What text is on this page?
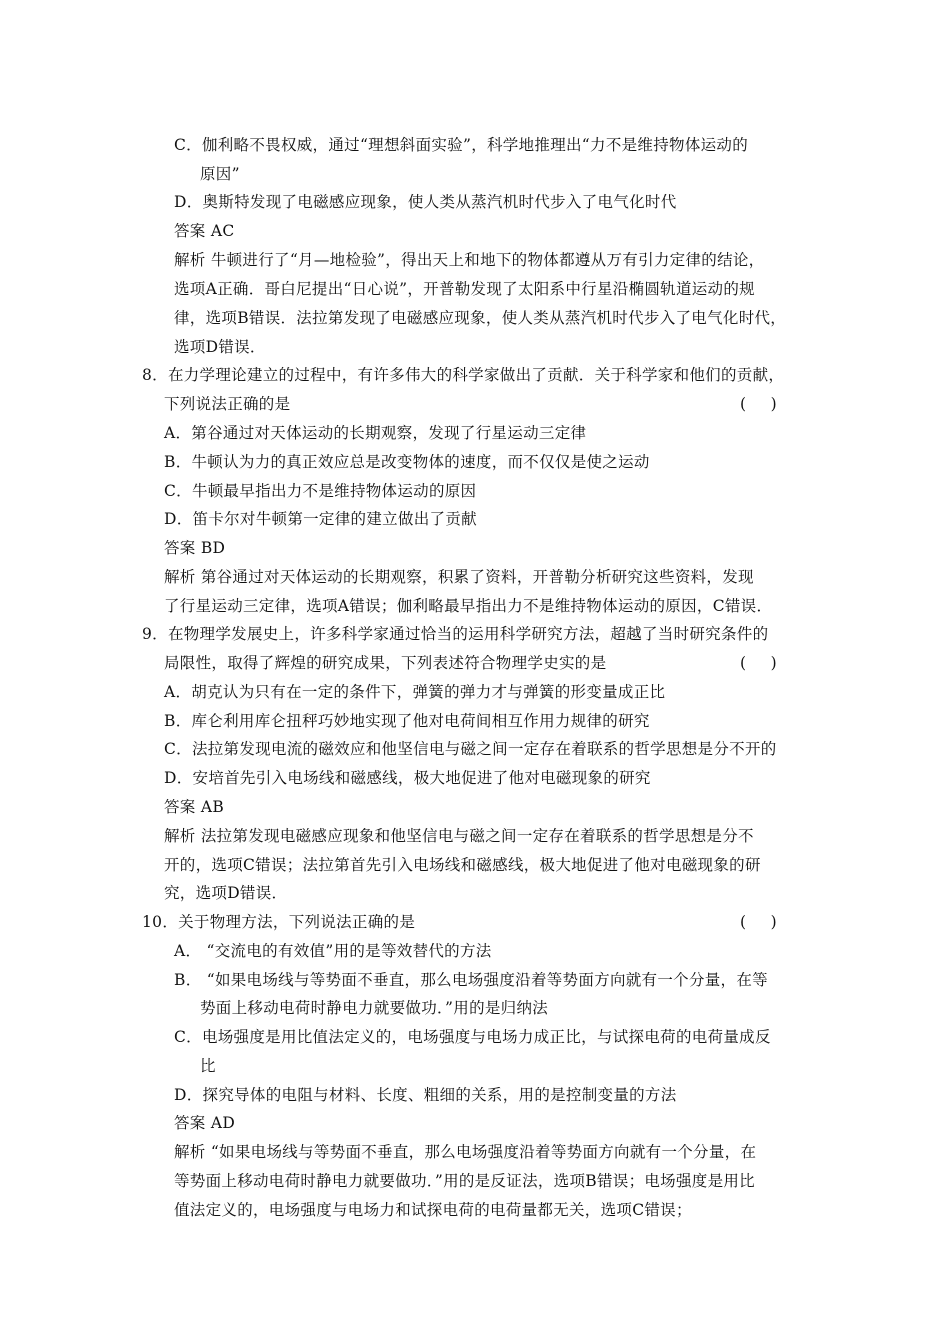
C．伽利略不畏权威，通过“理想斜面实验”，科学地推理出“力不是维持物体运动的
原因”
D．奥斯特发现了电磁感应现象，使人类从蒸汽机时代步入了电气化时代
答案 AC
解析 牛顿进行了“月—地检验”，得出天上和地下的物体都遵从万有引力定律的结论，
选项A正确．哥白尼提出“日心说”，开普勒发现了太阳系中行星沿椭圆轨道运动的规
律，选项B错误．法拉第发现了电磁感应现象，使人类从蒸汽机时代步入了电气化时代，
选项D错误．
8．在力学理论建立的过程中，有许多伟大的科学家做出了贡献．关于科学家和他们的贡献，
下列说法正确的是	(     )
A．第谷通过对天体运动的长期观察，发现了行星运动三定律
B．牛顿认为力的真正效应总是改变物体的速度，而不仅仅是使之运动
C．牛顿最早指出力不是维持物体运动的原因
D．笛卡尔对牛顿第一定律的建立做出了贡献
答案 BD
解析 第谷通过对天体运动的长期观察，积累了资料，开普勒分析研究这些资料，发现
了行星运动三定律，选项A错误；伽利略最早指出力不是维持物体运动的原因，C错误．
9．在物理学发展史上，许多科学家通过恰当的运用科学研究方法，超越了当时研究条件的
局限性，取得了辉煌的研究成果，下列表述符合物理学史实的是	(     )
A．胡克认为只有在一定的条件下，弹簧的弹力才与弹簧的形变量成正比
B．库仑利用库仑扭秤巧妙地实现了他对电荷间相互作用力规律的研究
C．法拉第发现电流的磁效应和他坚信电与磁之间一定存在着联系的哲学思想是分不开的
D．安培首先引入电场线和磁感线，极大地促进了他对电磁现象的研究
答案 AB
解析 法拉第发现电磁感应现象和他坚信电与磁之间一定存在着联系的哲学思想是分不
开的，选项C错误；法拉第首先引入电场线和磁感线，极大地促进了他对电磁现象的研
究，选项D错误．
10．关于物理方法，下列说法正确的是	(     )
A． “交流电的有效值”用的是等效替代的方法
B． “如果电场线与等势面不垂直，那么电场强度沿着等势面方向就有一个分量，在等
势面上移动电荷时静电力就要做功．”用的是归纳法
C．电场强度是用比值法定义的，电场强度与电场力成正比，与试探电荷的电荷量成反
比
D．探究导体的电阻与材料、长度、粗细的关系，用的是控制变量的方法
答案 AD
解析 “如果电场线与等势面不垂直，那么电场强度沿着等势面方向就有一个分量，在
等势面上移动电荷时静电力就要做功．”用的是反证法，选项B错误；电场强度是用比
值法定义的，电场强度与电场力和试探电荷的电荷量都无关，选项C错误；
